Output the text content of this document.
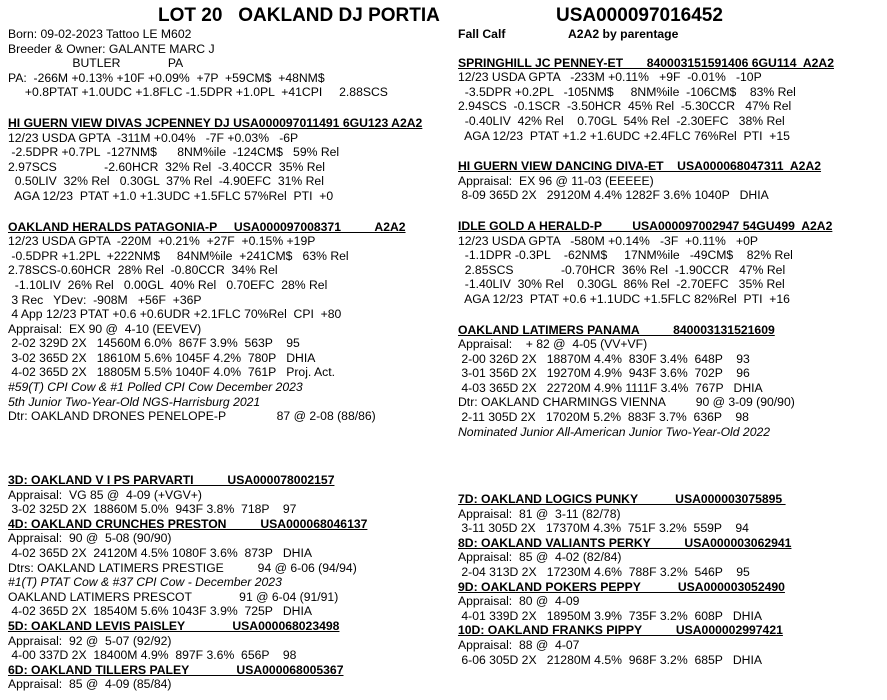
LOT 20   OAKLAND DJ PORTIA	USA000097016452
Born: 09-02-2023 Tattoo LE M602
Breeder & Owner: GALANTE MARC J
BUTLER              PA
PA:  -266M +0.13% +10F +0.09%  +7P  +59CM$  +48NM$
+0.8PTAT +1.0UDC +1.8FLC -1.5DPR +1.0PL  +41CPI     2.88SCS
HI GUERN VIEW DIVAS JCPENNEY DJ USA000097011491 6GU123 A2A2
12/23 USDA GPTA  -311M +0.04%   -7F +0.03%   -6P
-2.5DPR +0.7PL  -127NM$      8NM%ile  -124CM$   59% Rel
2.97SCS              -2.60HCR  32% Rel  -3.40CCR  35% Rel
0.50LIV  32% Rel   0.30GL  37% Rel  -4.90EFC  31% Rel
AGA 12/23  PTAT +1.0 +1.3UDC +1.5FLC 57%Rel  PTI  +0
OAKLAND HERALDS PATAGONIA-P     USA000097008371          A2A2
12/23 USDA GPTA  -220M  +0.21%  +27F  +0.15% +19P
-0.5DPR +1.2PL  +222NM$     84NM%ile  +241CM$   63% Rel
2.78SCS-0.60HCR  28% Rel  -0.80CCR  34% Rel
-1.10LIV  26% Rel   0.00GL  40% Rel   0.70EFC  28% Rel
3 Rec   YDev:  -908M   +56F  +36P
4 App 12/23 PTAT +0.6 +0.6UDR +2.1FLC 70%Rel  CPI  +80
Appraisal:  EX 90 @  4-10 (EEVEV)
2-02 329D 2X   14560M 6.0%  867F 3.9%  563P    95
3-02 365D 2X   18610M 5.6% 1045F 4.2%  780P   DHIA
4-02 365D 2X   18805M 5.5% 1040F 4.0%  761P   Proj. Act.
#59(T) CPI Cow & #1 Polled CPI Cow December 2023
5th Junior Two-Year-Old NGS-Harrisburg 2021
Dtr: OAKLAND DRONES PENELOPE-P               87 @ 2-08 (88/86)
Fall Calf	A2A2 by parentage
SPRINGHILL JC PENNEY-ET       840003151591406 6GU114  A2A2
12/23 USDA GPTA   -233M +0.11%   +9F  -0.01%   -10P
-3.5DPR +0.2PL   -105NM$     8NM%ile  -106CM$    83% Rel
2.94SCS  -0.1SCR  -3.50HCR  45% Rel  -5.30CCR   47% Rel
-0.40LIV  42% Rel    0.70GL  54% Rel  -2.30EFC   38% Rel
AGA 12/23  PTAT +1.2 +1.6UDC +2.4FLC 76%Rel  PTI  +15
HI GUERN VIEW DANCING DIVA-ET    USA000068047311  A2A2
Appraisal:  EX 96 @ 11-03 (EEEEE)
8-09 365D 2X   29120M 4.4% 1282F 3.6% 1040P   DHIA
IDLE GOLD A HERALD-P         USA000097002947 54GU499  A2A2
12/23 USDA GPTA   -580M +0.14%   -3F  +0.11%   +0P
-1.1DPR -0.3PL    -62NM$     17NM%ile   -49CM$    82% Rel
2.85SCS              -0.70HCR  36% Rel  -1.90CCR   47% Rel
-1.40LIV  30% Rel    0.30GL  86% Rel  -2.70EFC   35% Rel
AGA 12/23  PTAT +0.6 +1.1UDC +1.5FLC 82%Rel  PTI  +16
OAKLAND LATIMERS PANAMA          840003131521609
Appraisal:    + 82 @  4-05 (VV+VF)
2-00 326D 2X   18870M 4.4%  830F 3.4%  648P    93
3-01 356D 2X   19270M 4.9%  943F 3.6%  702P    96
4-03 365D 2X   22720M 4.9% 1111F 3.4%  767P   DHIA
Dtr: OAKLAND CHARMINGS VIENNA         90 @ 3-09 (90/90)
2-11 305D 2X   17020M 5.2%  883F 3.7%  636P    98
Nominated Junior All-American Junior Two-Year-Old 2022
3D: OAKLAND V I PS PARVARTI          USA000078002157
Appraisal:  VG 85 @  4-09 (+VGV+)
3-02 325D 2X  18860M 5.0%  943F 3.8%  718P    97
4D: OAKLAND CRUNCHES PRESTON          USA000068046137
Appraisal:  90 @  5-08 (90/90)
4-02 365D 2X  24120M 4.5% 1080F 3.6%  873P   DHIA
Dtrs: OAKLAND LATIMERS PRESTIGE          94 @ 6-06 (94/94)
#1(T) PTAT Cow & #37 CPI Cow - December 2023
OAKLAND LATIMERS PRESCOT              91 @ 6-04 (91/91)
4-02 365D 2X  18540M 5.6% 1043F 3.9%  725P   DHIA
5D: OAKLAND LEVIS PAISLEY              USA000068023498
Appraisal:  92 @  5-07 (92/92)
4-00 337D 2X  18400M 4.9%  897F 3.6%  656P    98
6D: OAKLAND TILLERS PALEY              USA000068005367
Appraisal:  85 @  4-09 (85/84)
7D: OAKLAND LOGICS PUNKY           USA000003075895
Appraisal:  81 @  3-11 (82/78)
3-11 305D 2X   17370M 4.3%  751F 3.2%  559P    94
8D: OAKLAND VALIANTS PERKY          USA000003062941
Appraisal:  85 @  4-02 (82/84)
2-04 313D 2X   17230M 4.6%  788F 3.2%  546P    95
9D: OAKLAND POKERS PEPPY           USA000003052490
Appraisal:  80 @  4-09
4-01 339D 2X   18950M 3.9%  735F 3.2%  608P   DHIA
10D: OAKLAND FRANKS PIPPY          USA000002997421
Appraisal:  88 @  4-07
6-06 305D 2X   21280M 4.5%  968F 3.2%  685P   DHIA
